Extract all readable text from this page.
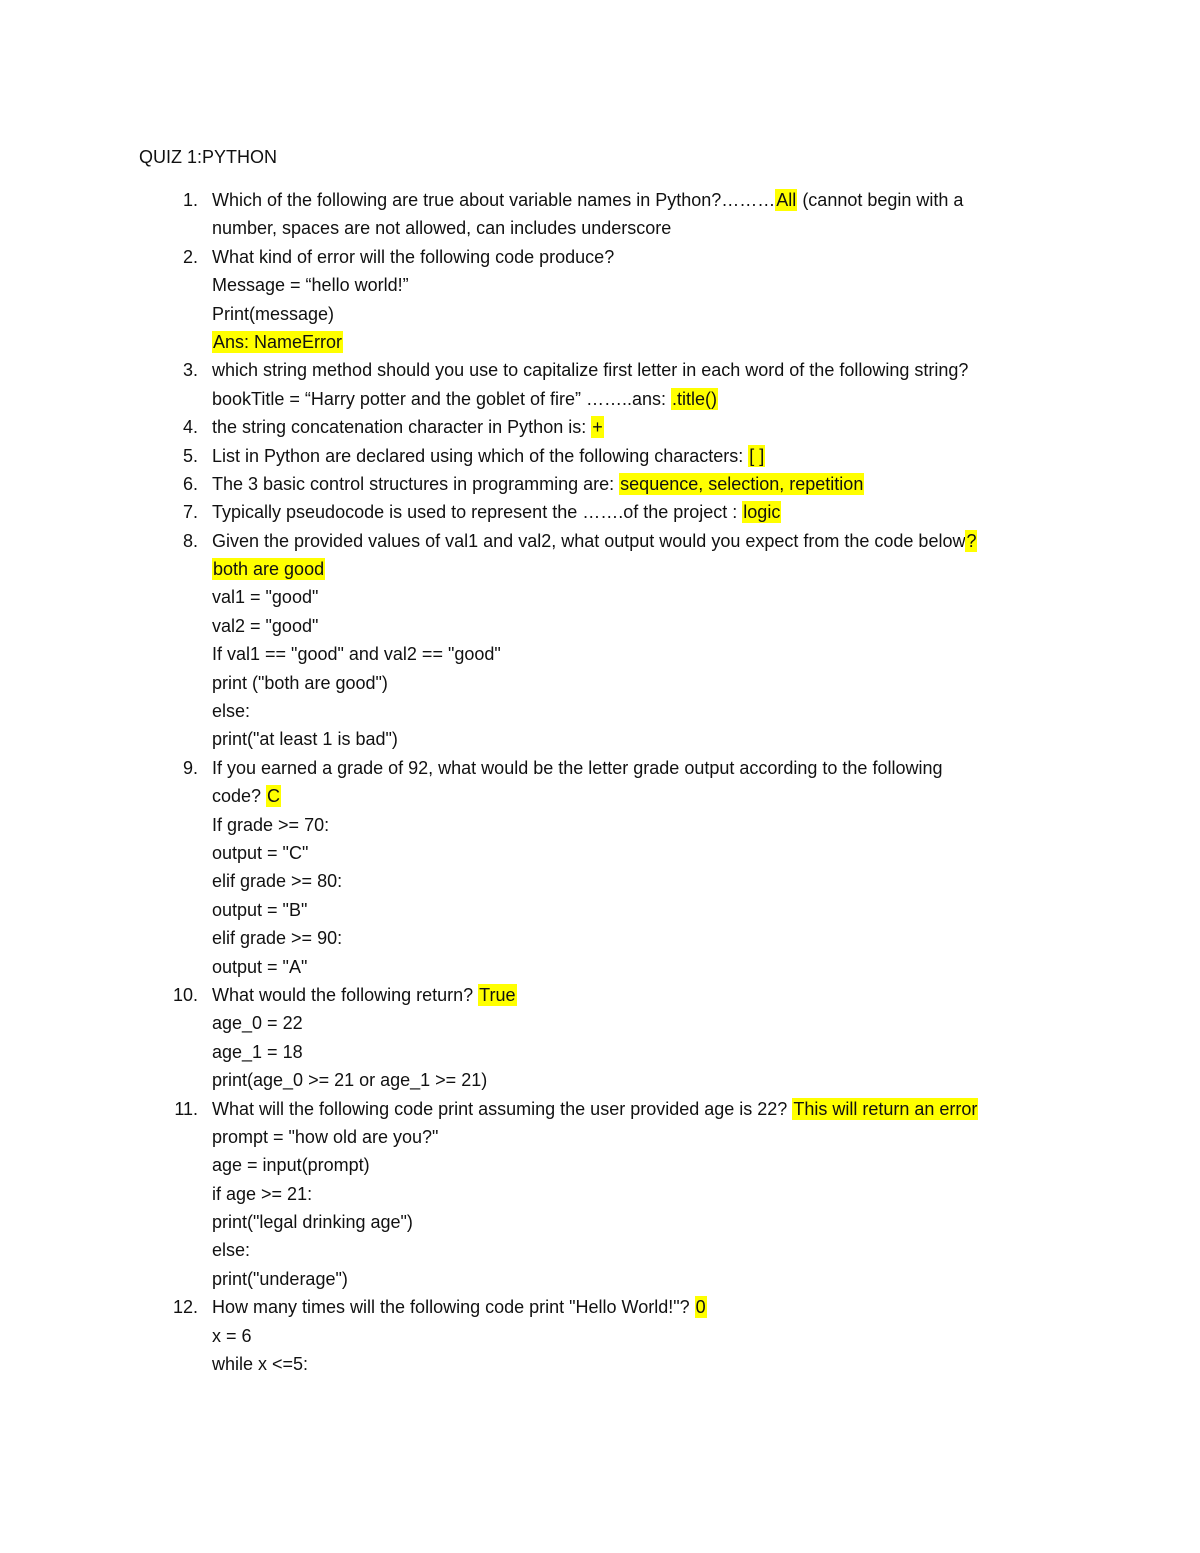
QUIZ 1:PYTHON
1. Which of the following are true about variable names in Python?………All (cannot begin with a
number, spaces are not allowed, can includes underscore
2. What kind of error will the following code produce?
Message = “hello world!”
Print(message)
Ans: NameError
3. which string method should you use to capitalize first letter in each word of the following string?
bookTitle = “Harry potter and the goblet of fire” ……..ans: .title()
4. the string concatenation character in Python is: +
5. List in Python are declared using which of the following characters: [ ]
6. The 3 basic control structures in programming are: sequence, selection, repetition
7. Typically pseudocode is used to represent the …….of the project : logic
8. Given the provided values of val1 and val2, what output would you expect from the code below?
both are good
val1 = "good"
val2 = "good"
If val1 == "good" and val2 == "good"
print ("both are good")
else:
print("at least 1 is bad")
9. If you earned a grade of 92, what would be the letter grade output according to the following
code? C
If grade >= 70:
output = "C"
elif grade >= 80:
output = "B"
elif grade >= 90:
output = "A"
10. What would the following return? True
age_0 = 22
age_1 = 18
print(age_0 >= 21 or age_1 >= 21)
11. What will the following code print assuming the user provided age is 22? This will return an error
prompt = "how old are you?"
age = input(prompt)
if age >= 21:
print("legal drinking age")
else:
print("underage")
12. How many times will the following code print "Hello World!"? 0
x = 6
while x <=5:
